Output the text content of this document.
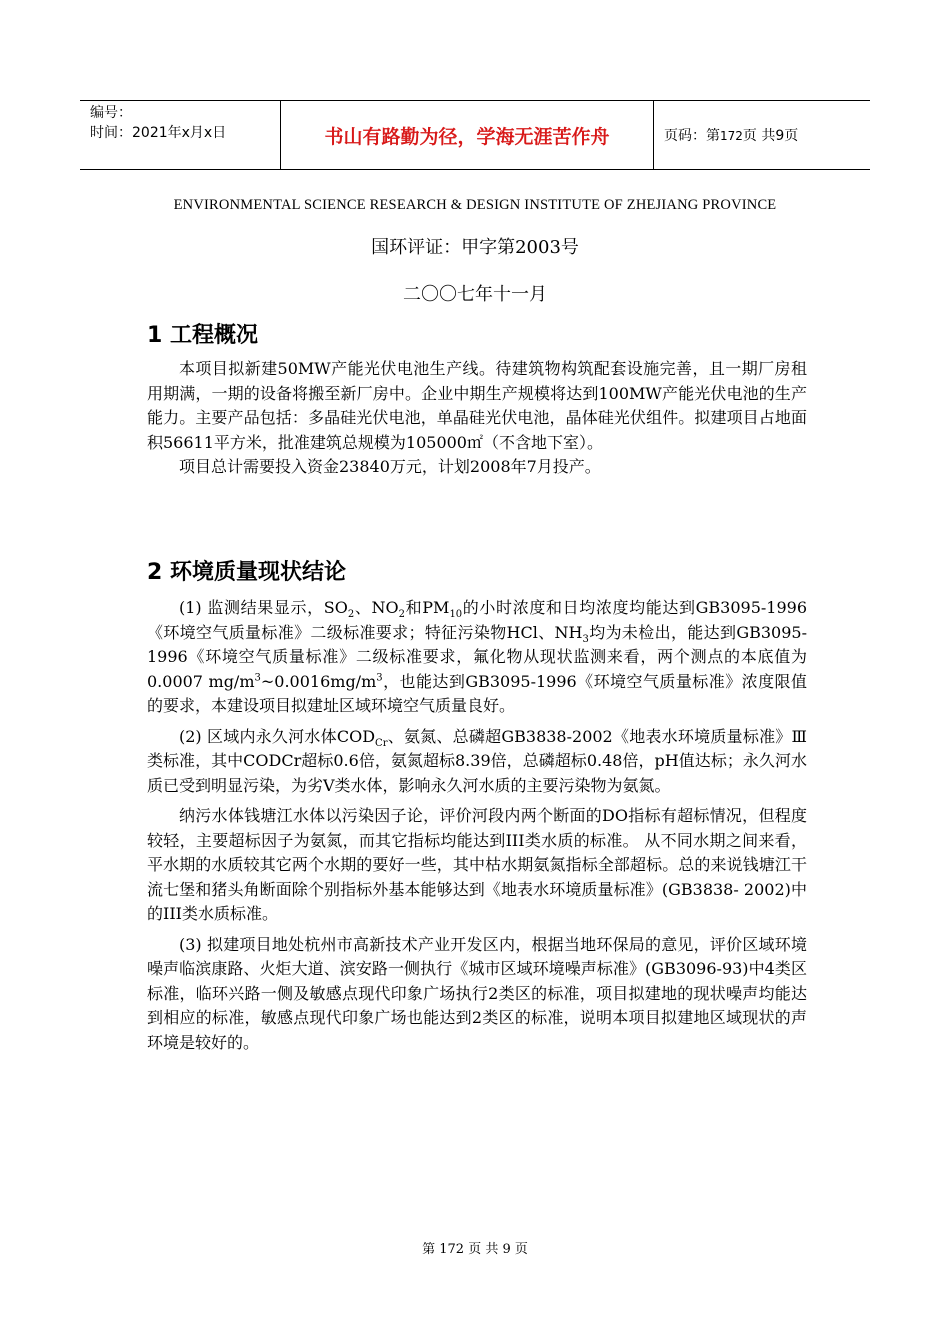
编号：
时间：2021年x月x日	书山有路勤为径，学海无涯苦作舟	页码：第172页 共9页
ENVIRONMENTAL SCIENCE RESEARCH & DESIGN INSTITUTE OF ZHEJIANG PROVINCE
国环评证：甲字第2003号
二〇〇七年十一月
1 工程概况

本项目拟新建50MW产能光伏电池生产线。待建筑物构筑配套设施完善，且一期厂房租用期满，一期的设备将搬至新厂房中。企业中期生产规模将达到100MW产能光伏电池的生产能力。主要产品包括：多晶硅光伏电池，单晶硅光伏电池，晶体硅光伏组件。拟建项目占地面积56611平方米，批准建筑总规模为105000㎡（不含地下室）。

项目总计需要投入资金23840万元，计划2008年7月投产。

2 环境质量现状结论

(1) 监测结果显示，$SO_2$、$NO_2$和$PM_{10}$的小时浓度和日均浓度均能达到GB3095-1996《环境空气质量标准》二级标准要求；特征污染物HCl、$NH_3$均为未检出，能达到GB3095-1996《环境空气质量标准》二级标准要求，氟化物从现状监测来看，两个测点的本底值为0.0007 $mg/m^3\sim 0.0016mg/m^3$，也能达到GB3095-1996《环境空气质量标准》浓度限值的要求，本建设项目拟建址区域环境空气质量良好。

(2) 区域内永久河水体$COD_{Cr}$、氨氮、总磷超GB3838-2002《地表水环境质量标准》Ⅲ类标准，其中CODCr超标0.6倍，氨氮超标8.39倍，总磷超标0.48倍，pH值达标；永久河水质已受到明显污染，为劣Ⅴ类水体，影响永久河水质的主要污染物为氨氮。

纳污水体钱塘江水体以污染因子论，评价河段内两个断面的DO指标有超标情况，但程度较轻，主要超标因子为氨氮，而其它指标均能达到III类水质的标准。 从不同水期之间来看，平水期的水质较其它两个水期的要好一些，其中枯水期氨氮指标全部超标。总的来说钱塘江干流七堡和猪头角断面除个别指标外基本能够达到《地表水环境质量标准》(GB3838- 2002)中的III类水质标准。

(3) 拟建项目地处杭州市高新技术产业开发区内，根据当地环保局的意见，评价区域环境噪声临滨康路、火炬大道、滨安路一侧执行《城市区域环境噪声标准》(GB3096-93)中4类区标准，临环兴路一侧及敏感点现代印象广场执行2类区的标准，项目拟建地的现状噪声均能达到相应的标准，敏感点现代印象广场也能达到2类区的标准，说明本项目拟建地区域现状的声环境是较好的。

第 172 页 共 9 页
